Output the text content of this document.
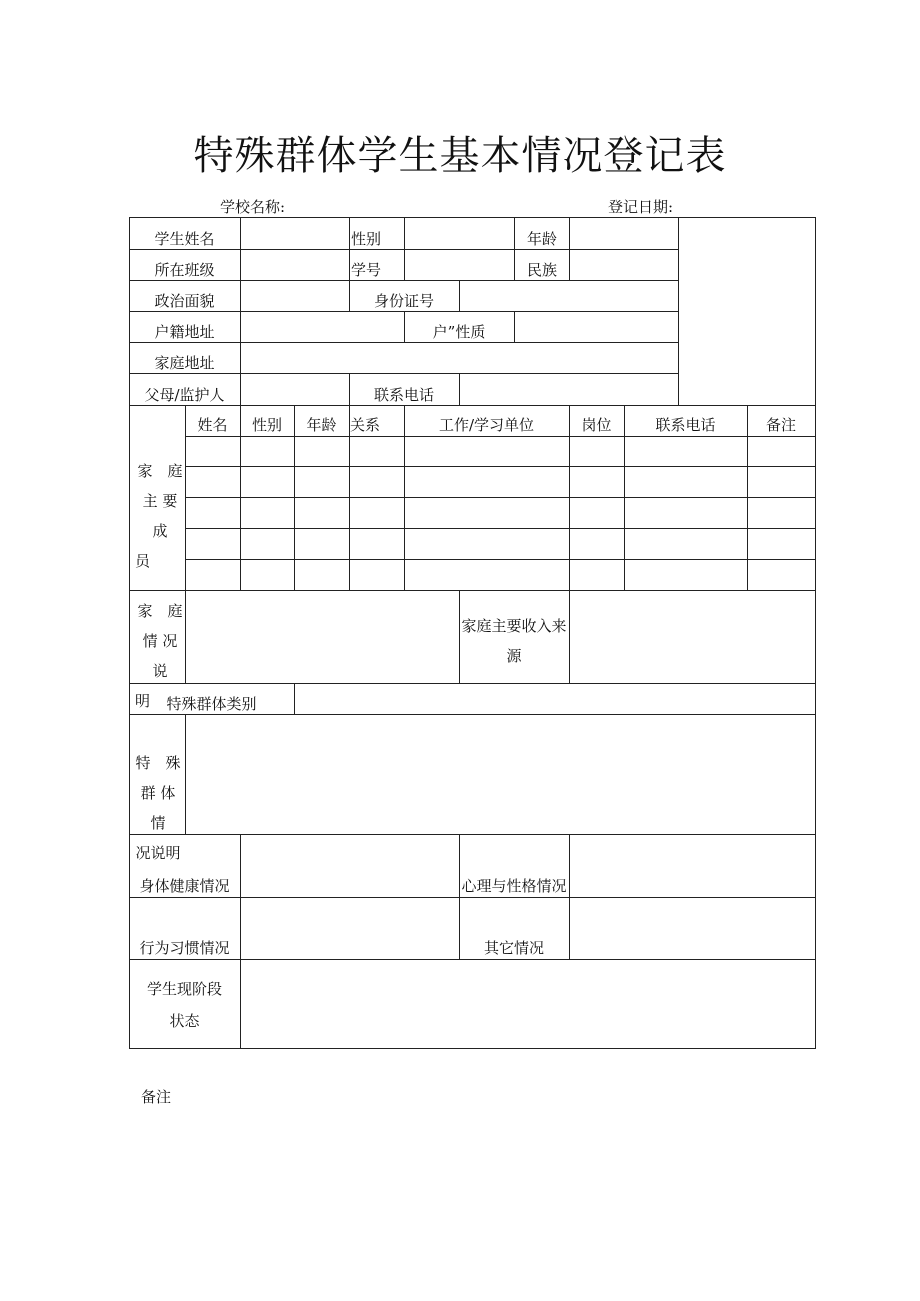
特殊群体学生基本情况登记表
学校名称:	登记日期:
学生姓名	性别	年龄
所在班级	学号	民族
政治面貌	身份证号
户籍地址	户”性质
家庭地址
父母/监护人	联系电话
家　庭
主 要 成
员
姓名	性别	年龄 关系	工作/学习单位	岗位	联系电话	备注
家　庭
情 况 说
明
家庭主要收入来
源
特殊群体类别
特　殊
群 体 情
况说明
身体健康情况	心理与性格情况
行为习惯情况	其它情况
学生现阶段
状态
备注
